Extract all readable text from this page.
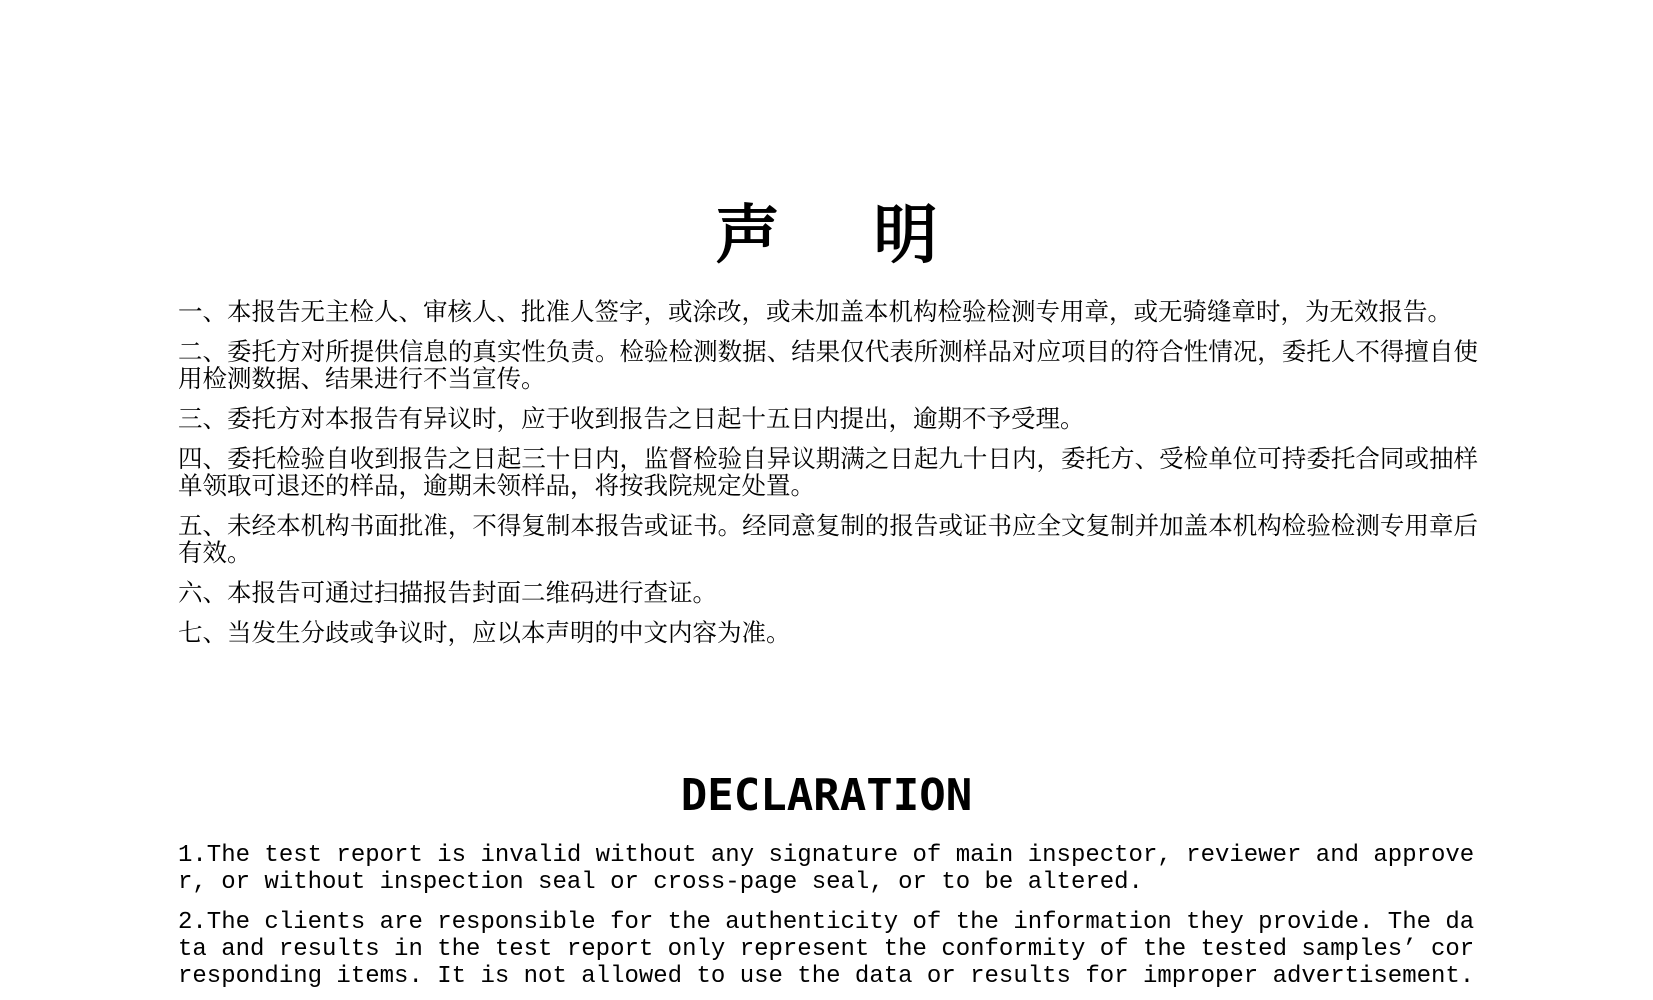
声明
一、本报告无主检人、审核人、批准人签字，或涂改，或未加盖本机构检验检测专用章，或无骑缝章时，为无效报告。
二、委托方对所提供信息的真实性负责。检验检测数据、结果仅代表所测样品对应项目的符合性情况，委托人不得擅自使用检测数据、结果进行不当宣传。
三、委托方对本报告有异议时，应于收到报告之日起十五日内提出，逾期不予受理。
四、委托检验自收到报告之日起三十日内，监督检验自异议期满之日起九十日内，委托方、受检单位可持委托合同或抽样单领取可退还的样品，逾期未领样品，将按我院规定处置。
五、未经本机构书面批准，不得复制本报告或证书。经同意复制的报告或证书应全文复制并加盖本机构检验检测专用章后有效。
六、本报告可通过扫描报告封面二维码进行查证。
七、当发生分歧或争议时，应以本声明的中文内容为准。
DECLARATION
1.The test report is invalid without any signature of main inspector, reviewer and approver, or without inspection seal or cross-page seal, or to be altered.
2.The clients are responsible for the authenticity of the information they provide. The data and results in the test report only represent the conformity of the tested samples’ corresponding items. It is not allowed to use the data or results for improper advertisement.
